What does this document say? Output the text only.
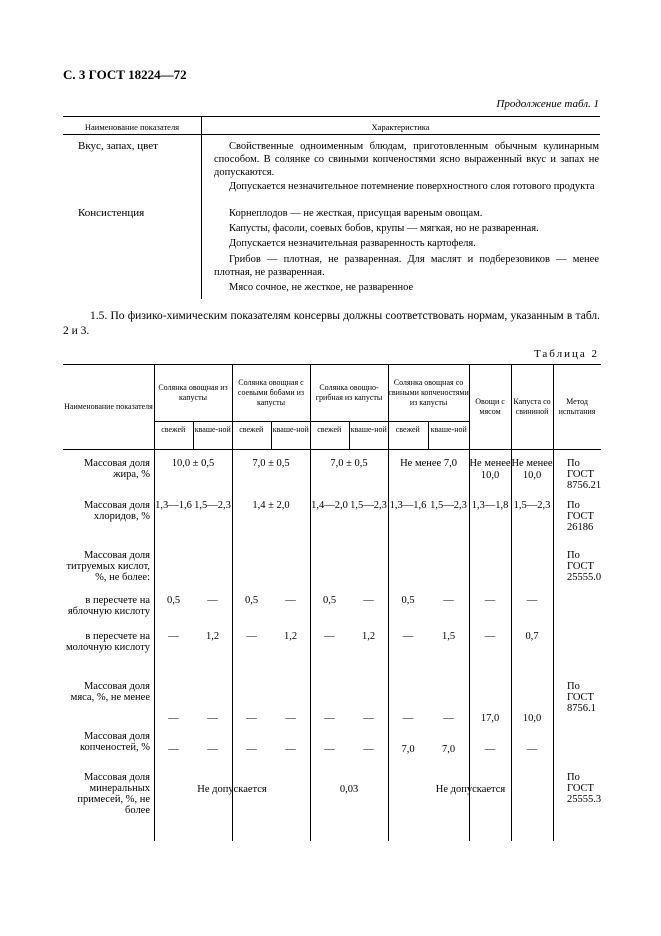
С. 3 ГОСТ 18224—72
Продолжение табл. 1
Наименование показателя	Характеристика
Вкус, запах, цвет	Свойственные одноименным блюдам, приготовленным обычным кулинарным способом. В солянке со свиными копченостями ясно выраженный вкус и запах не допускаются.

Допускается незначительное потемнение поверхностного слоя готового продукта

Консистенция	Корнеплодов — не жесткая, присущая вареным овощам.

Капусты, фасоли, соевых бобов, крупы — мягкая, но не разваренная.

Допускается незначительная разваренность картофеля.

Грибов — плотная, не разваренная. Для маслят и подберезовиков — менее плотная, не разваренная.

Мясо сочное, не жесткое, не разваренное

1.5. По физико-химическим показателям консервы должны соответствовать нормам, указанным в табл. 2 и 3.

Таблица 2
Наименование показателя	Солянка овощная из капусты		Солянка овощная с соевыми бобами из капусты		Солянка овощно-грибная из капусты		Солянка овощная со свиными копченостями из капусты		Овощи с мясом	Капуста со свининой	Метод испытания
	свежей	кваше-ной	свежей	кваше-ной	свежей	кваше-ной	свежей	кваше-ной			
Массовая доля жира, %	10,0 ± 0,5		7,0 ± 0,5		7,0 ± 0,5		Не менее 7,0		Не менее 10,0	Не менее 10,0	По ГОСТ 8756.21
Массовая доля хлоридов, %	1,3—1,6	1,5—2,3	1,4 ± 2,0		1,4—2,0	1,5—2,3	1,3—1,6	1,5—2,3	1,3—1,8	1,5—2,3	По ГОСТ 26186
Массовая доля титруемых кислот, %, не более:											По ГОСТ 25555.0
в пересчете на яблочную кислоту	0,5	—	0,5	—	0,5	—	0,5	—	—	—	
в пересчете на молочную кислоту	—	1,2	—	1,2	—	1,2	—	1,5	—	0,7	
Массовая доля мяса, %, не менее	—	—	—	—	—	—	—	—	17,0	10,0	По ГОСТ 8756.1
Массовая доля копченостей, %	—	—	—	—	—	—	7,0	7,0	—	—	
Массовая доля минеральных примесей, %, не более	Не допускается				0,03		Не допускается				По ГОСТ 25555.3
